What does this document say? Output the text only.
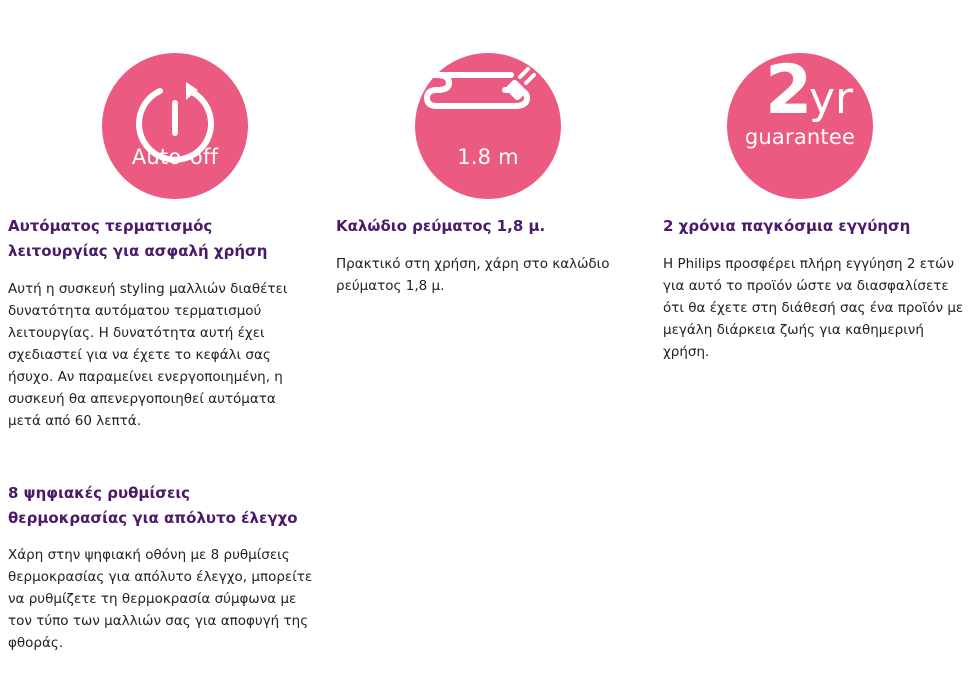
Auto-off
Αυτόματος τερματισμός λειτουργίας για ασφαλή χρήση

Αυτή η συσκευή styling μαλλιών διαθέτει δυνατότητα αυτόματου τερματισμού λειτουργίας. Η δυνατότητα αυτή έχει σχεδιαστεί για να έχετε το κεφάλι σας ήσυχο. Αν παραμείνει ενεργοποιημένη, η συσκευή θα απενεργοποιηθεί αυτόματα μετά από 60 λεπτά.

1.8 m
Καλώδιο ρεύματος 1,8 μ.

Πρακτικό στη χρήση, χάρη στο καλώδιο ρεύματος 1,8 μ.

2
yr
guarantee
2 χρόνια παγκόσμια εγγύηση

Η Philips προσφέρει πλήρη εγγύηση 2 ετών για αυτό το προϊόν ώστε να διασφαλίσετε ότι θα έχετε στη διάθεσή σας ένα προϊόν με μεγάλη διάρκεια ζωής για καθημερινή χρήση.

8 ψηφιακές ρυθμίσεις θερμοκρασίας για απόλυτο έλεγχο

Χάρη στην ψηφιακή οθόνη με 8 ρυθμίσεις θερμοκρασίας για απόλυτο έλεγχο, μπορείτε να ρυθμίζετε τη θερμοκρασία σύμφωνα με τον τύπο των μαλλιών σας για αποφυγή της φθοράς.
